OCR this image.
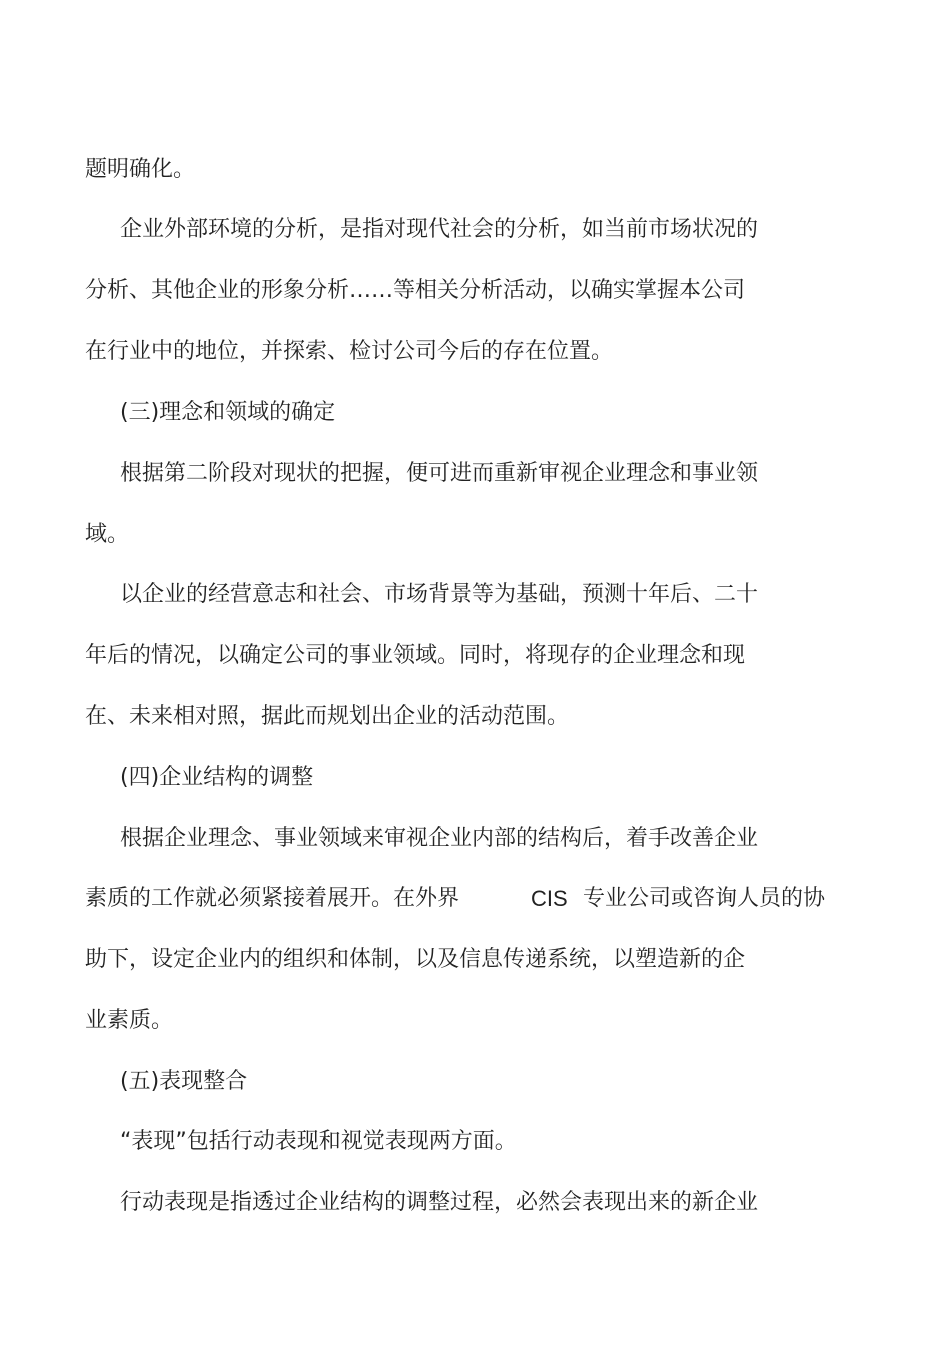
题明确化。

企业外部环境的分析，是指对现代社会的分析，如当前市场状况的

分析、其他企业的形象分析……等相关分析活动，以确实掌握本公司

在行业中的地位，并探索、检讨公司今后的存在位置。

(三)理念和领域的确定

根据第二阶段对现状的把握，便可进而重新审视企业理念和事业领

域。

以企业的经营意志和社会、市场背景等为基础，预测十年后、二十

年后的情况，以确定公司的事业领域。同时，将现存的企业理念和现

在、未来相对照，据此而规划出企业的活动范围。

(四)企业结构的调整

根据企业理念、事业领域来审视企业内部的结构后，着手改善企业

素质的工作就必须紧接着展开。在外界	CIS 专业公司或咨询人员的协

助下，设定企业内的组织和体制，以及信息传递系统，以塑造新的企

业素质。

(五)表现整合

“表现”包括行动表现和视觉表现两方面。

行动表现是指透过企业结构的调整过程，必然会表现出来的新企业
